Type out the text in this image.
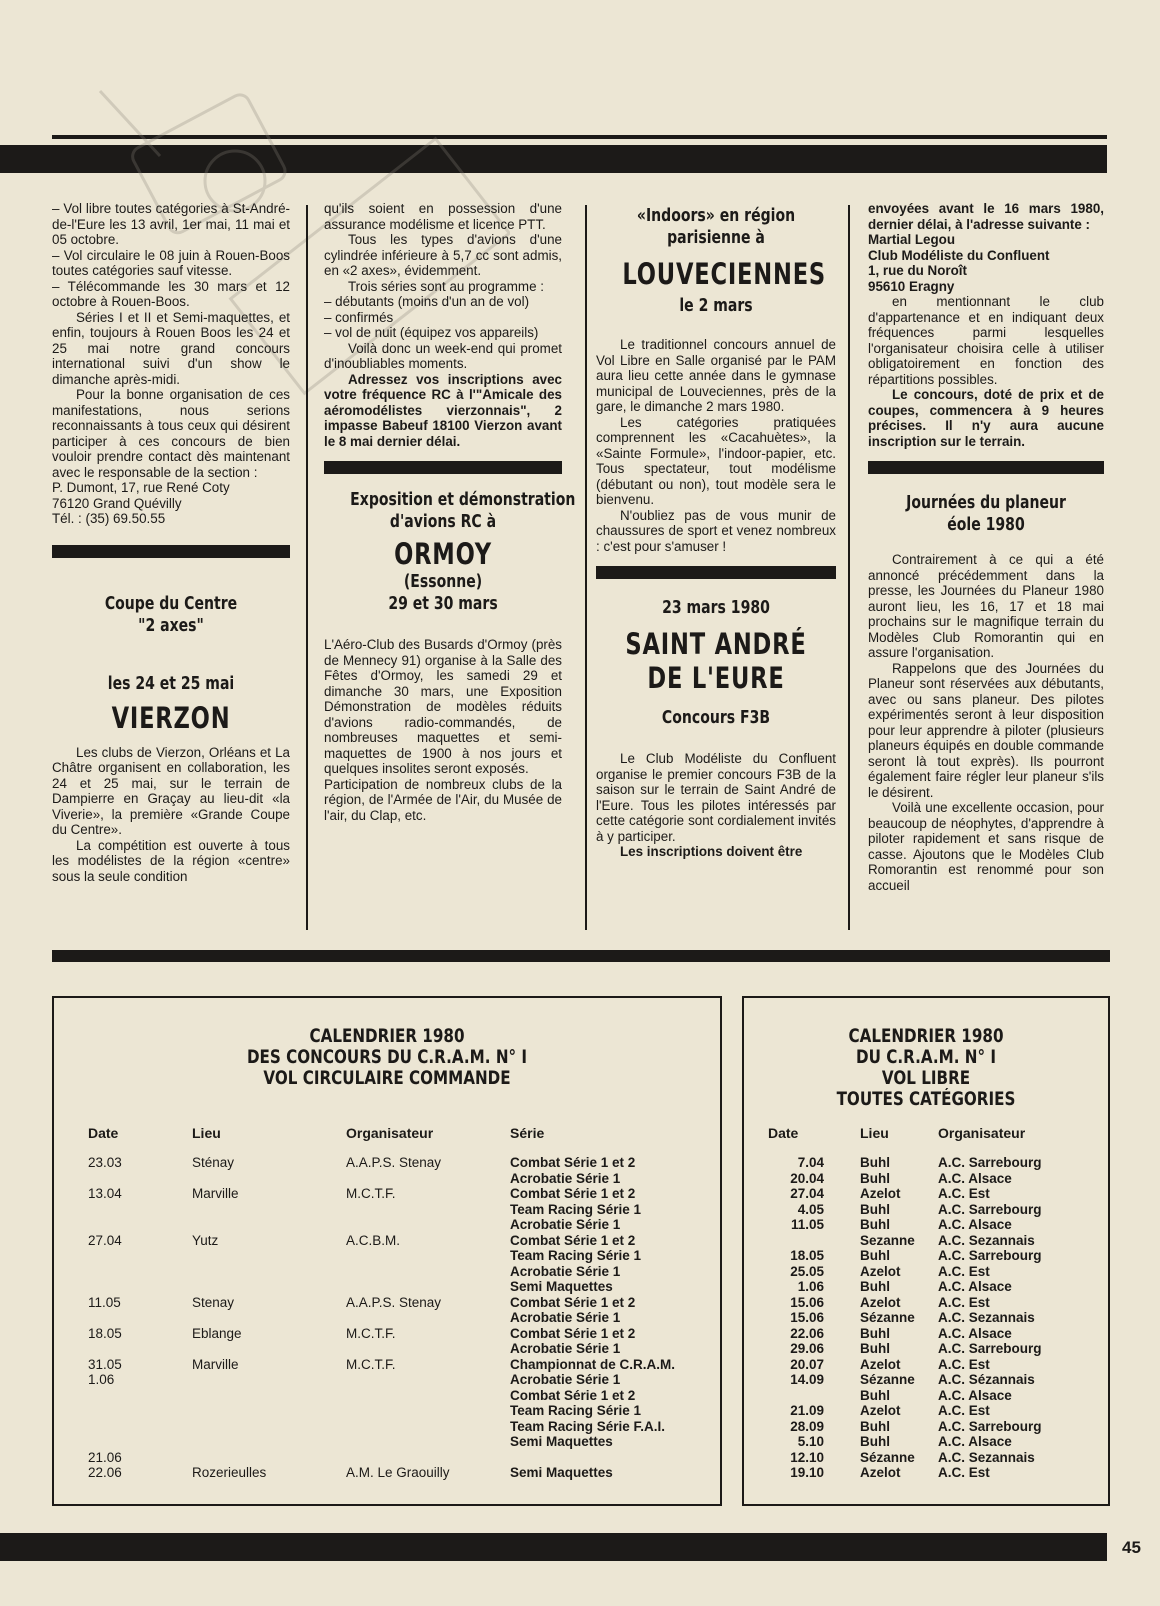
– Vol libre toutes catégories à St-André-de-l'Eure les 13 avril, 1er mai, 11 mai et 05 octobre.

– Vol circulaire le 08 juin à Rouen-Boos toutes catégories sauf vitesse.

– Télécommande les 30 mars et 12 octobre à Rouen-Boos.

Séries I et II et Semi-maquettes, et enfin, toujours à Rouen Boos les 24 et 25 mai notre grand concours international suivi d'un show le dimanche après-midi.

Pour la bonne organisation de ces manifestations, nous serions reconnaissants à tous ceux qui désirent participer à ces concours de bien vouloir prendre contact dès maintenant avec le responsable de la section :

P. Dumont, 17, rue René Coty

76120 Grand Quévilly

Tél. : (35) 69.50.55

Coupe du Centre
"2 axes"
les 24 et 25 mai
VIERZON

Les clubs de Vierzon, Orléans et La Châtre organisent en collaboration, les 24 et 25 mai, sur le terrain de Dampierre en Graçay au lieu-dit «la Viverie», la première «Grande Coupe du Centre».

La compétition est ouverte à tous les modélistes de la région «centre» sous la seule condition

qu'ils soient en possession d'une assurance modélisme et licence PTT.

Tous les types d'avions d'une cylindrée inférieure à 5,7 cc sont admis, en «2 axes», évidemment.

Trois séries sont au programme :

– débutants (moins d'un an de vol)

– confirmés

– vol de nuit (équipez vos appareils)

Voilà donc un week-end qui promet d'inoubliables moments.

Adressez vos inscriptions avec votre fréquence RC à l'"Amicale des aéromodélistes vierzonnais", 2 impasse Babeuf 18100 Vierzon avant le 8 mai dernier délai.

Exposition et démonstration
d'avions RC à
ORMOY
(Essonne)
29 et 30 mars

L'Aéro-Club des Busards d'Ormoy (près de Mennecy 91) organise à la Salle des Fêtes d'Ormoy, les samedi 29 et dimanche 30 mars, une Exposition Démonstration de modèles réduits d'avions radio-commandés, de nombreuses maquettes et semi-maquettes de 1900 à nos jours et quelques insolites seront exposés.

Participation de nombreux clubs de la région, de l'Armée de l'Air, du Musée de l'air, du Clap, etc.

«Indoors» en région
parisienne à
LOUVECIENNES
le 2 mars

Le traditionnel concours annuel de Vol Libre en Salle organisé par le PAM aura lieu cette année dans le gymnase municipal de Louveciennes, près de la gare, le dimanche 2 mars 1980.

Les catégories pratiquées comprennent les «Cacahuètes», la «Sainte Formule», l'indoor-papier, etc. Tous spectateur, tout modélisme (débutant ou non), tout modèle sera le bienvenu.

N'oubliez pas de vous munir de chaussures de sport et venez nombreux : c'est pour s'amuser !

23 mars 1980
SAINT ANDRÉ
DE L'EURE
Concours F3B

Le Club Modéliste du Confluent organise le premier concours F3B de la saison sur le terrain de Saint André de l'Eure. Tous les pilotes intéressés par cette catégorie sont cordialement invités à y participer.

Les inscriptions doivent être

envoyées avant le 16 mars 1980, dernier délai, à l'adresse suivante :

Martial Legou

Club Modéliste du Confluent

1, rue du Noroît

95610 Eragny

en mentionnant le club d'appartenance et en indiquant deux fréquences parmi lesquelles l'organisateur choisira celle à utiliser obligatoirement en fonction des répartitions possibles.

Le concours, doté de prix et de coupes, commencera à 9 heures précises. Il n'y aura aucune inscription sur le terrain.

Journées du planeur
éole 1980

Contrairement à ce qui a été annoncé précédemment dans la presse, les Journées du Planeur 1980 auront lieu, les 16, 17 et 18 mai prochains sur le magnifique terrain du Modèles Club Romorantin qui en assure l'organisation.

Rappelons que des Journées du Planeur sont réservées aux débutants, avec ou sans planeur. Des pilotes expérimentés seront à leur disposition pour leur apprendre à piloter (plusieurs planeurs équipés en double commande seront là tout exprès). Ils pourront également faire régler leur planeur s'ils le désirent.

Voilà une excellente occasion, pour beaucoup de néophytes, d'apprendre à piloter rapidement et sans risque de casse. Ajoutons que le Modèles Club Romorantin est renommé pour son accueil

CALENDRIER 1980
DES CONCOURS DU C.R.A.M. N° I
VOL CIRCULAIRE COMMANDE
Date	Lieu	Organisateur	Série
23.03	Sténay	A.A.P.S. Stenay	Combat Série 1 et 2
			Acrobatie Série 1
13.04	Marville	M.C.T.F.	Combat Série 1 et 2
			Team Racing Série 1
			Acrobatie Série 1
27.04	Yutz	A.C.B.M.	Combat Série 1 et 2
			Team Racing Série 1
			Acrobatie Série 1
			Semi Maquettes
11.05	Stenay	A.A.P.S. Stenay	Combat Série 1 et 2
			Acrobatie Série 1
18.05	Eblange	M.C.T.F.	Combat Série 1 et 2
			Acrobatie Série 1
31.05	Marville	M.C.T.F.	Championnat de C.R.A.M.
1.06			Acrobatie Série 1
			Combat Série 1 et 2
			Team Racing Série 1
			Team Racing Série F.A.I.
			Semi Maquettes
21.06			
22.06	Rozerieulles	A.M. Le Graouilly	Semi Maquettes
CALENDRIER 1980
DU C.R.A.M. N° I
VOL LIBRE
TOUTES CATÉGORIES
Date	Lieu	Organisateur
7.04	Buhl	A.C. Sarrebourg
20.04	Buhl	A.C. Alsace
27.04	Azelot	A.C. Est
4.05	Buhl	A.C. Sarrebourg
11.05	Buhl	A.C. Alsace
	Sezanne	A.C. Sezannais
18.05	Buhl	A.C. Sarrebourg
25.05	Azelot	A.C. Est
1.06	Buhl	A.C. Alsace
15.06	Azelot	A.C. Est
15.06	Sézanne	A.C. Sezannais
22.06	Buhl	A.C. Alsace
29.06	Buhl	A.C. Sarrebourg
20.07	Azelot	A.C. Est
14.09	Sézanne	A.C. Sézannais
	Buhl	A.C. Alsace
21.09	Azelot	A.C. Est
28.09	Buhl	A.C. Sarrebourg
5.10	Buhl	A.C. Alsace
12.10	Sézanne	A.C. Sezannais
19.10	Azelot	A.C. Est
45
